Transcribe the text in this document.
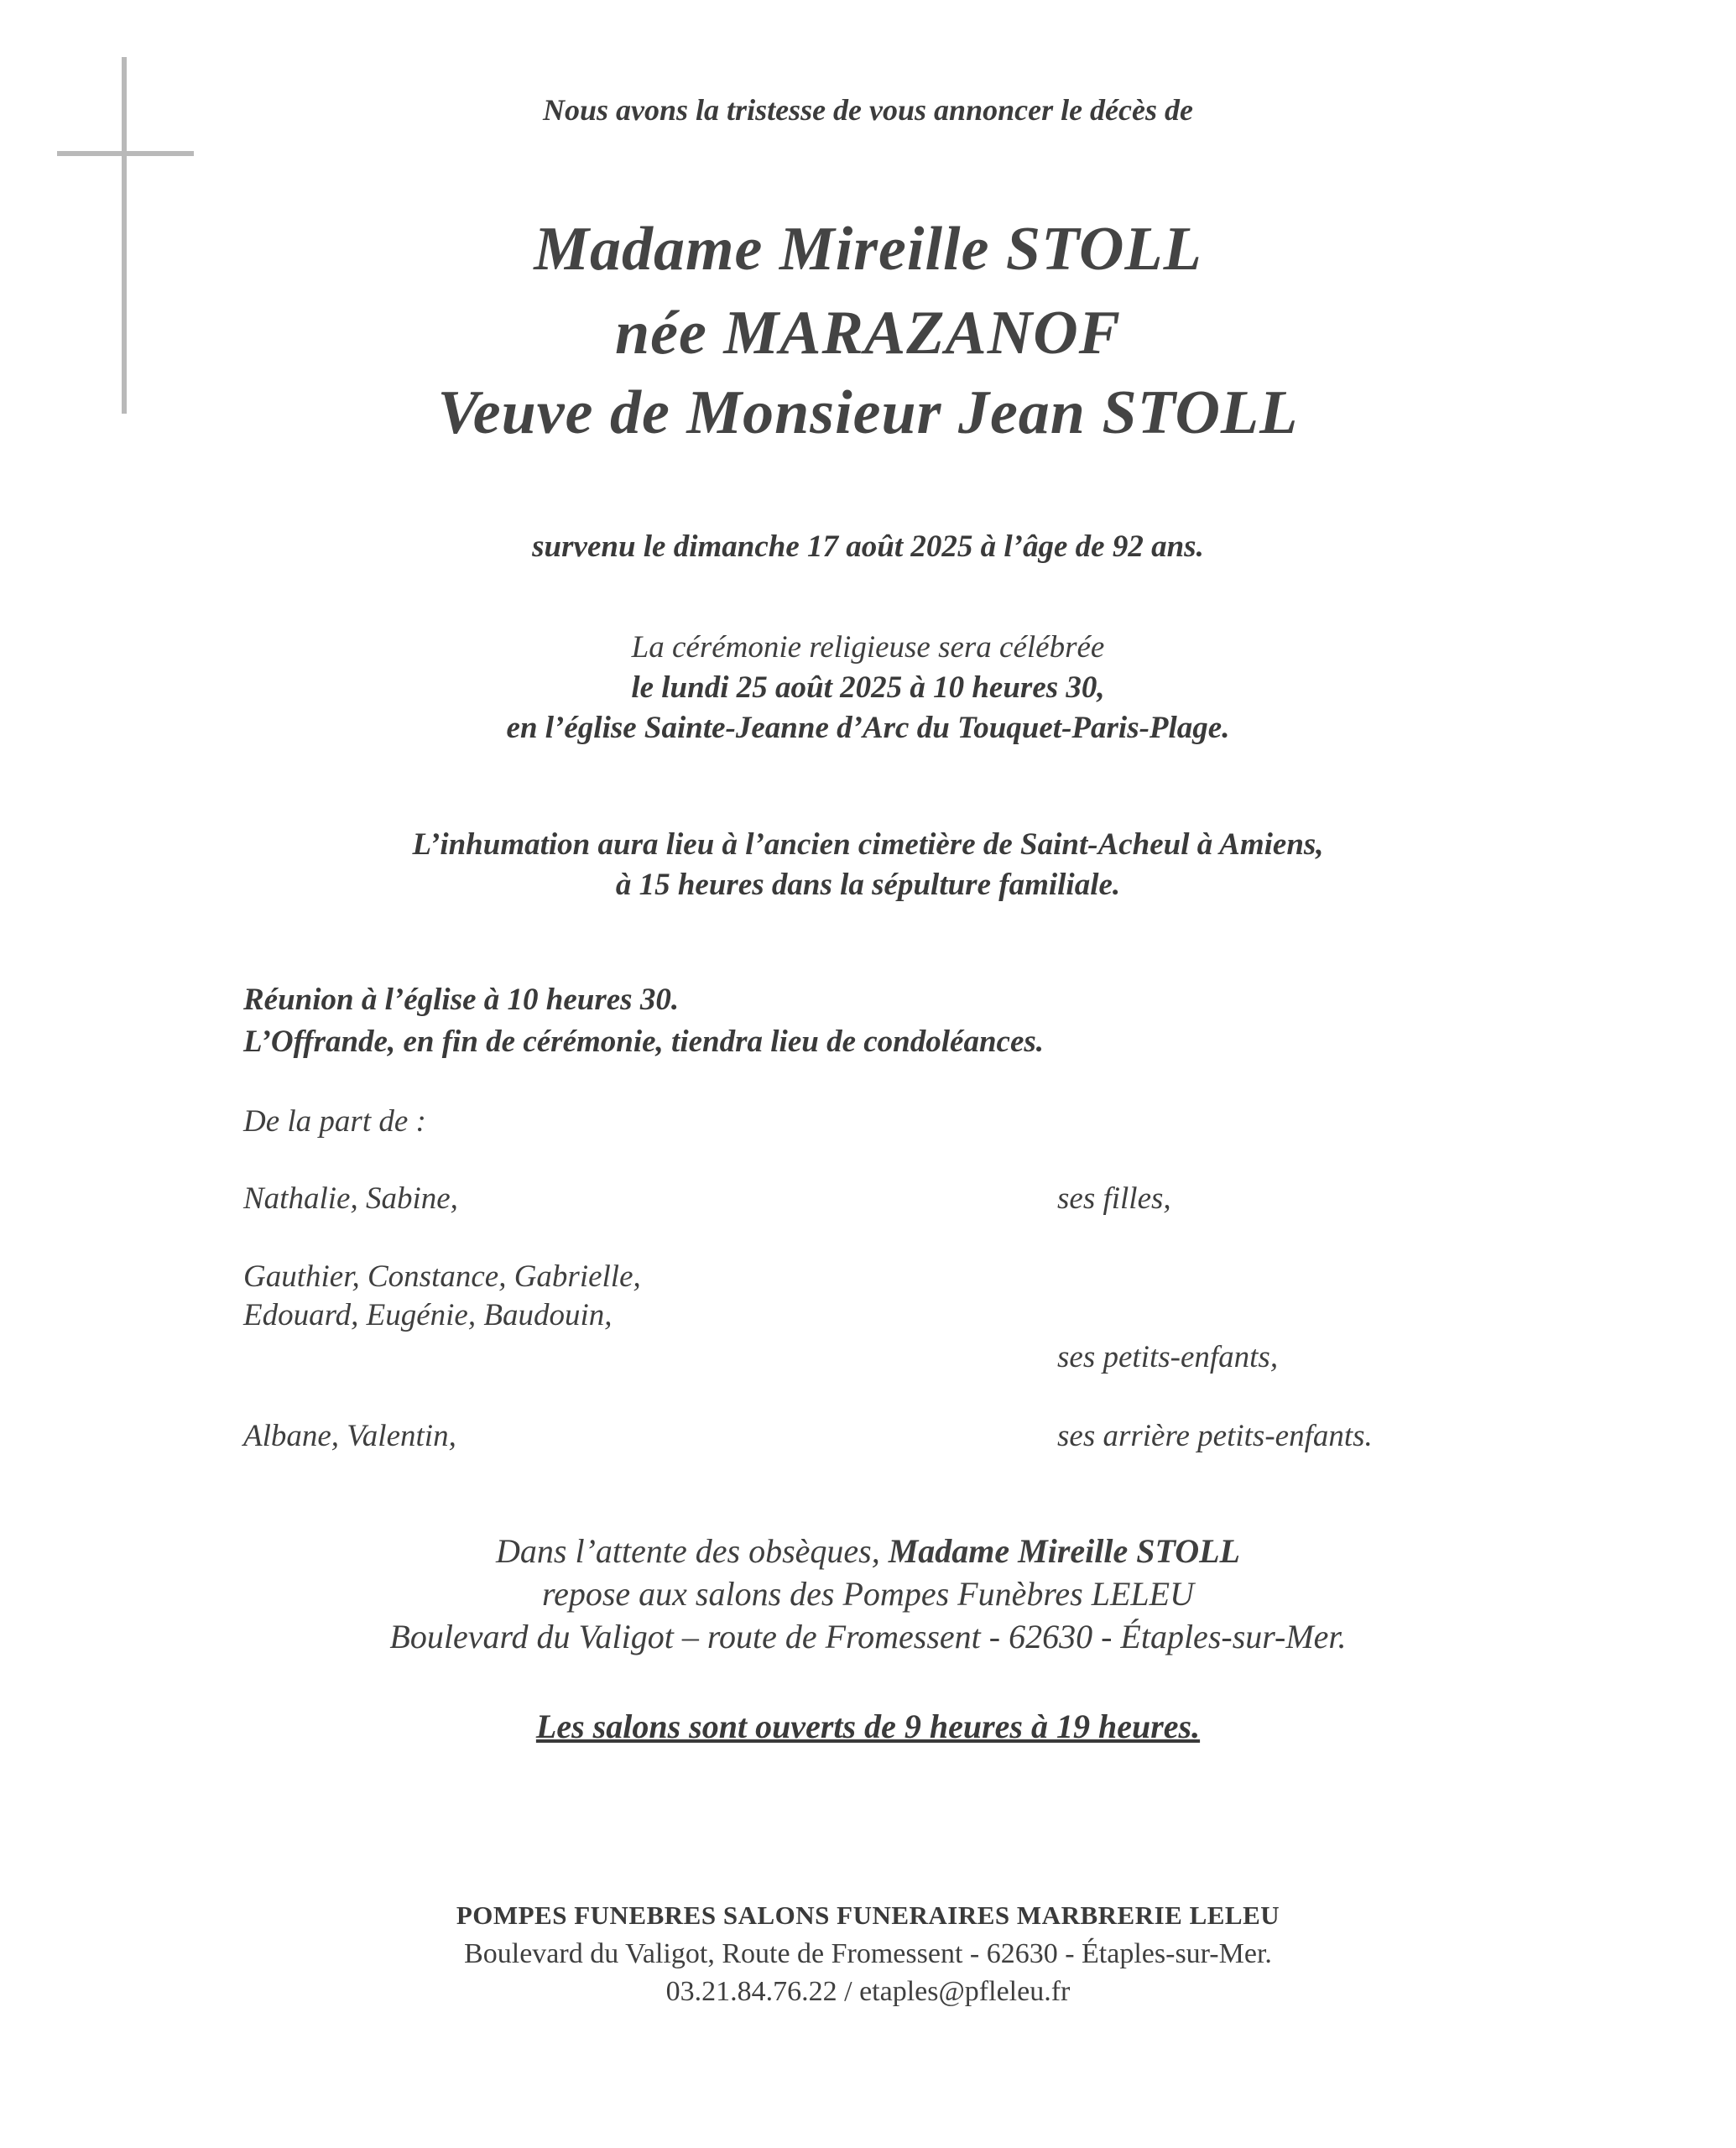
Nous avons la tristesse de vous annoncer le décès de
Madame Mireille STOLL
née MARAZANOF
Veuve de Monsieur Jean STOLL
survenu le dimanche 17 août 2025 à l’âge de 92 ans.
La cérémonie religieuse sera célébrée
le lundi 25 août 2025 à 10 heures 30,
en l’église Sainte-Jeanne d’Arc du Touquet-Paris-Plage.
L’inhumation aura lieu à l’ancien cimetière de Saint-Acheul à Amiens,
à 15 heures dans la sépulture familiale.
Réunion à l’église à 10 heures 30.
L’Offrande, en fin de cérémonie, tiendra lieu de condoléances.
De la part de :
Nathalie, Sabine,	ses filles,
Gauthier, Constance, Gabrielle,
Edouard, Eugénie, Baudouin,
ses petits-enfants,
Albane, Valentin,	ses arrière petits-enfants.
Dans l’attente des obsèques, Madame Mireille STOLL
repose aux salons des Pompes Funèbres LELEU
Boulevard du Valigot – route de Fromessent - 62630 - Étaples-sur-Mer.
Les salons sont ouverts de 9 heures à 19 heures.
POMPES FUNEBRES SALONS FUNERAIRES MARBRERIE LELEU
Boulevard du Valigot, Route de Fromessent - 62630 - Étaples-sur-Mer.
03.21.84.76.22 / etaples@pfleleu.fr
